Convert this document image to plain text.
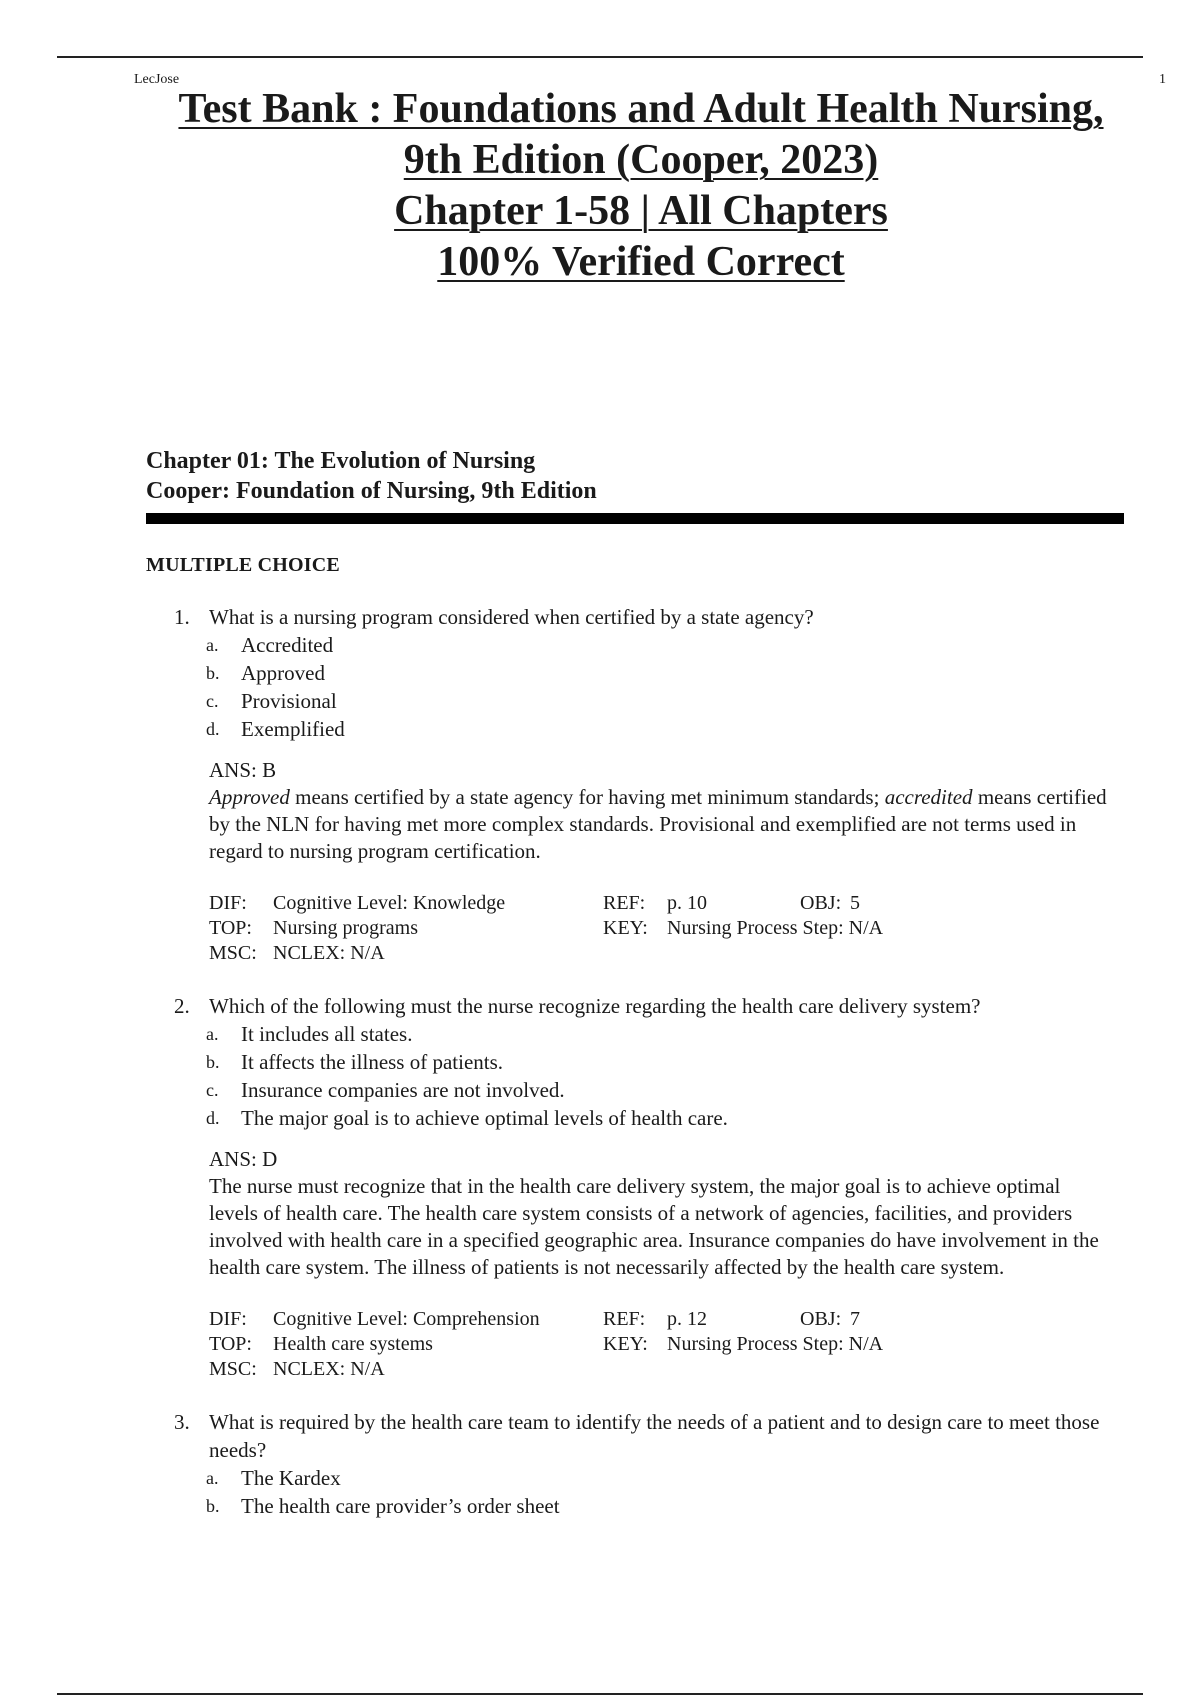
LecJose	1
Test Bank : Foundations and Adult Health Nursing,
9th Edition (Cooper, 2023)
Chapter 1-58 | All Chapters
100% Verified Correct
Chapter 01: The Evolution of Nursing
Cooper: Foundation of Nursing, 9th Edition
MULTIPLE CHOICE
1. What is a nursing program considered when certified by a state agency?
a. Accredited
b. Approved
c. Provisional
d. Exemplified
ANS: B
Approved means certified by a state agency for having met minimum standards; accredited means certified by the NLN for having met more complex standards. Provisional and exemplified are not terms used in regard to nursing program certification.
DIF: Cognitive Level: Knowledge	REF: p. 10	OBJ: 5
TOP: Nursing programs	KEY: Nursing Process Step: N/A
MSC: NCLEX: N/A
2. Which of the following must the nurse recognize regarding the health care delivery system?
a. It includes all states.
b. It affects the illness of patients.
c. Insurance companies are not involved.
d. The major goal is to achieve optimal levels of health care.
ANS: D
The nurse must recognize that in the health care delivery system, the major goal is to achieve optimal levels of health care. The health care system consists of a network of agencies, facilities, and providers involved with health care in a specified geographic area. Insurance companies do have involvement in the health care system. The illness of patients is not necessarily affected by the health care system.
DIF: Cognitive Level: Comprehension	REF: p. 12	OBJ: 7
TOP: Health care systems	KEY: Nursing Process Step: N/A
MSC: NCLEX: N/A
3. What is required by the health care team to identify the needs of a patient and to design care to meet those needs?
a. The Kardex
b. The health care provider’s order sheet
